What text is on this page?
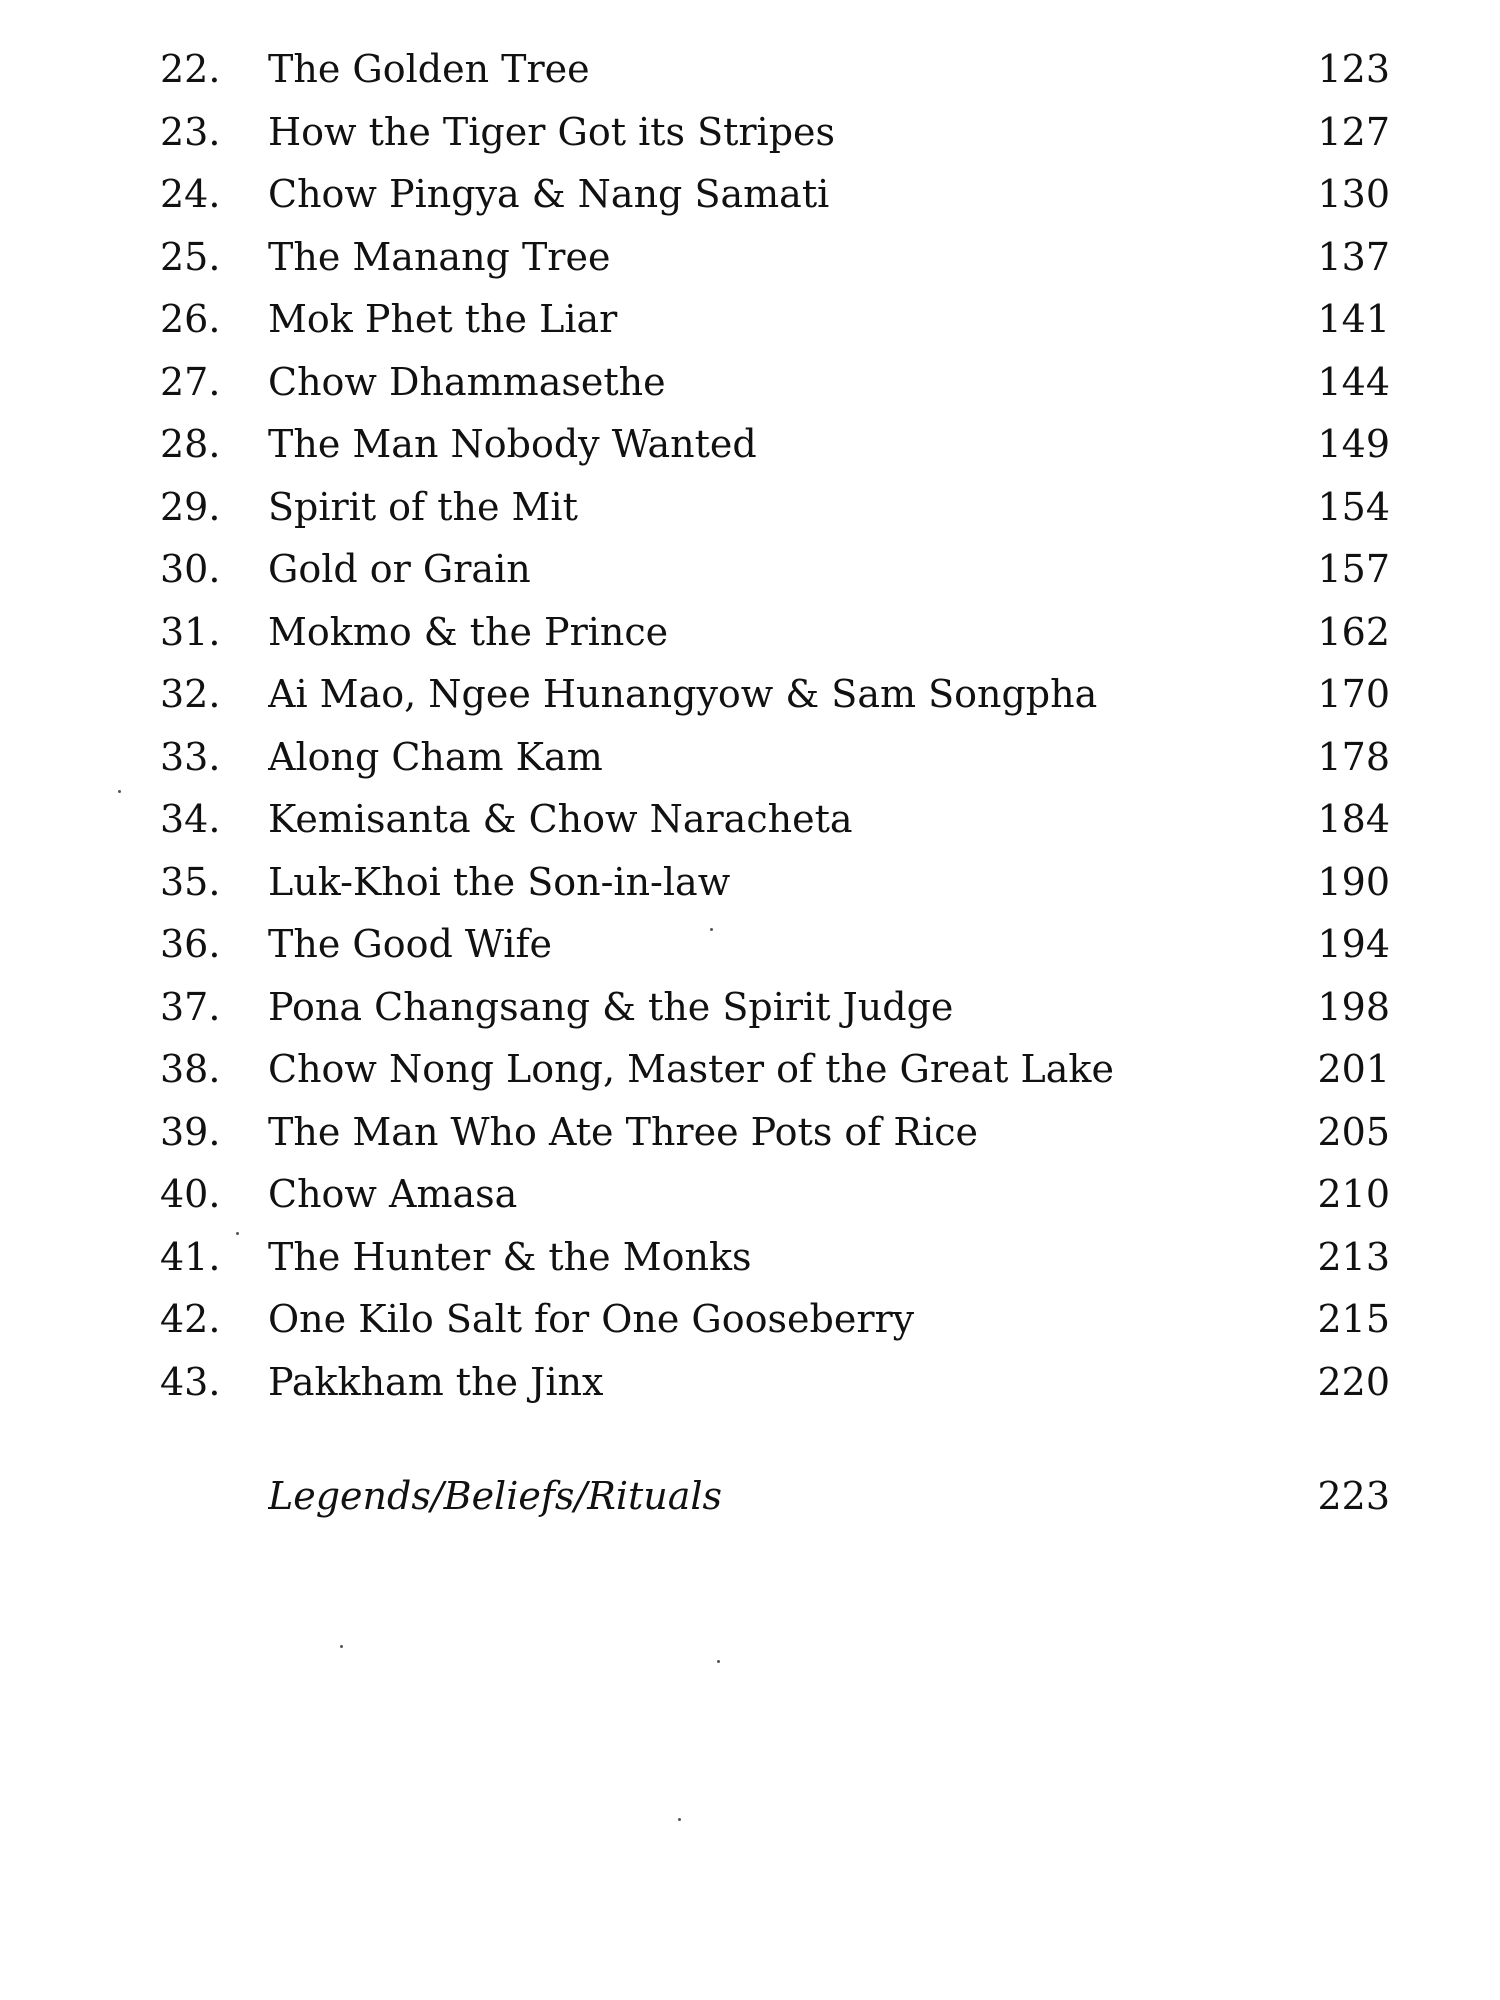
22.	The Golden Tree	123
23.	How the Tiger Got its Stripes	127
24.	Chow Pingya & Nang Samati	130
25.	The Manang Tree	137
26.	Mok Phet the Liar	141
27.	Chow Dhammasethe	144
28.	The Man Nobody Wanted	149
29.	Spirit of the Mit	154
30.	Gold or Grain	157
31.	Mokmo & the Prince	162
32.	Ai Mao, Ngee Hunangyow & Sam Songpha	170
33.	Along Cham Kam	178
34.	Kemisanta & Chow Naracheta	184
35.	Luk-Khoi the Son-in-law	190
36.	The Good Wife	194
37.	Pona Changsang & the Spirit Judge	198
38.	Chow Nong Long, Master of the Great Lake	201
39.	The Man Who Ate Three Pots of Rice	205
40.	Chow Amasa	210
41.	The Hunter & the Monks	213
42.	One Kilo Salt for One Gooseberry	215
43.	Pakkham the Jinx	220
Legends/Beliefs/Rituals	223
